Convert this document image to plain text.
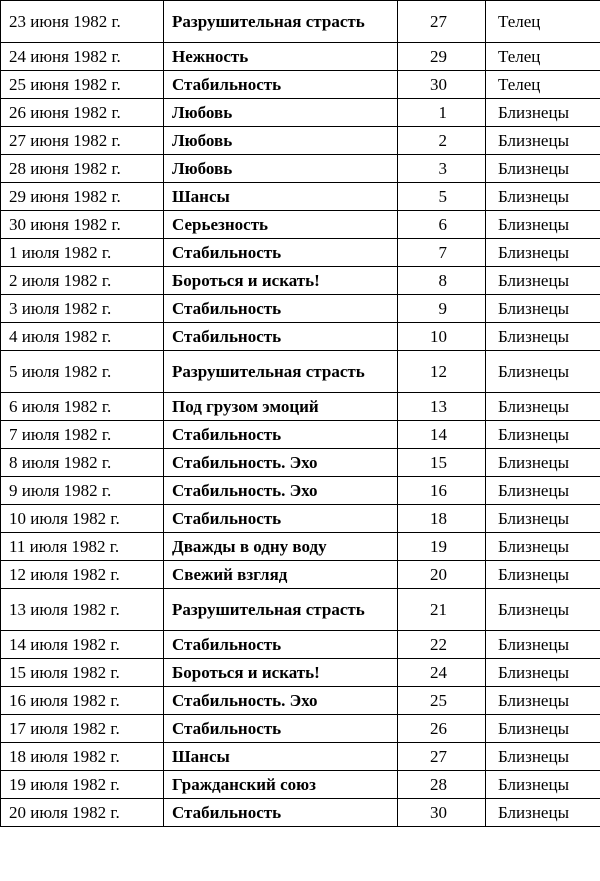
23 июня 1982 г.	Разрушительная страсть	27	Телец
24 июня 1982 г.	Нежность	29	Телец
25 июня 1982 г.	Стабильность	30	Телец
26 июня 1982 г.	Любовь	1	Близнецы
27 июня 1982 г.	Любовь	2	Близнецы
28 июня 1982 г.	Любовь	3	Близнецы
29 июня 1982 г.	Шансы	5	Близнецы
30 июня 1982 г.	Серьезность	6	Близнецы
1 июля 1982 г.	Стабильность	7	Близнецы
2 июля 1982 г.	Бороться и искать!	8	Близнецы
3 июля 1982 г.	Стабильность	9	Близнецы
4 июля 1982 г.	Стабильность	10	Близнецы
5 июля 1982 г.	Разрушительная страсть	12	Близнецы
6 июля 1982 г.	Под грузом эмоций	13	Близнецы
7 июля 1982 г.	Стабильность	14	Близнецы
8 июля 1982 г.	Стабильность. Эхо	15	Близнецы
9 июля 1982 г.	Стабильность. Эхо	16	Близнецы
10 июля 1982 г.	Стабильность	18	Близнецы
11 июля 1982 г.	Дважды в одну воду	19	Близнецы
12 июля 1982 г.	Свежий взгляд	20	Близнецы
13 июля 1982 г.	Разрушительная страсть	21	Близнецы
14 июля 1982 г.	Стабильность	22	Близнецы
15 июля 1982 г.	Бороться и искать!	24	Близнецы
16 июля 1982 г.	Стабильность. Эхо	25	Близнецы
17 июля 1982 г.	Стабильность	26	Близнецы
18 июля 1982 г.	Шансы	27	Близнецы
19 июля 1982 г.	Гражданский союз	28	Близнецы
20 июля 1982 г.	Стабильность	30	Близнецы
